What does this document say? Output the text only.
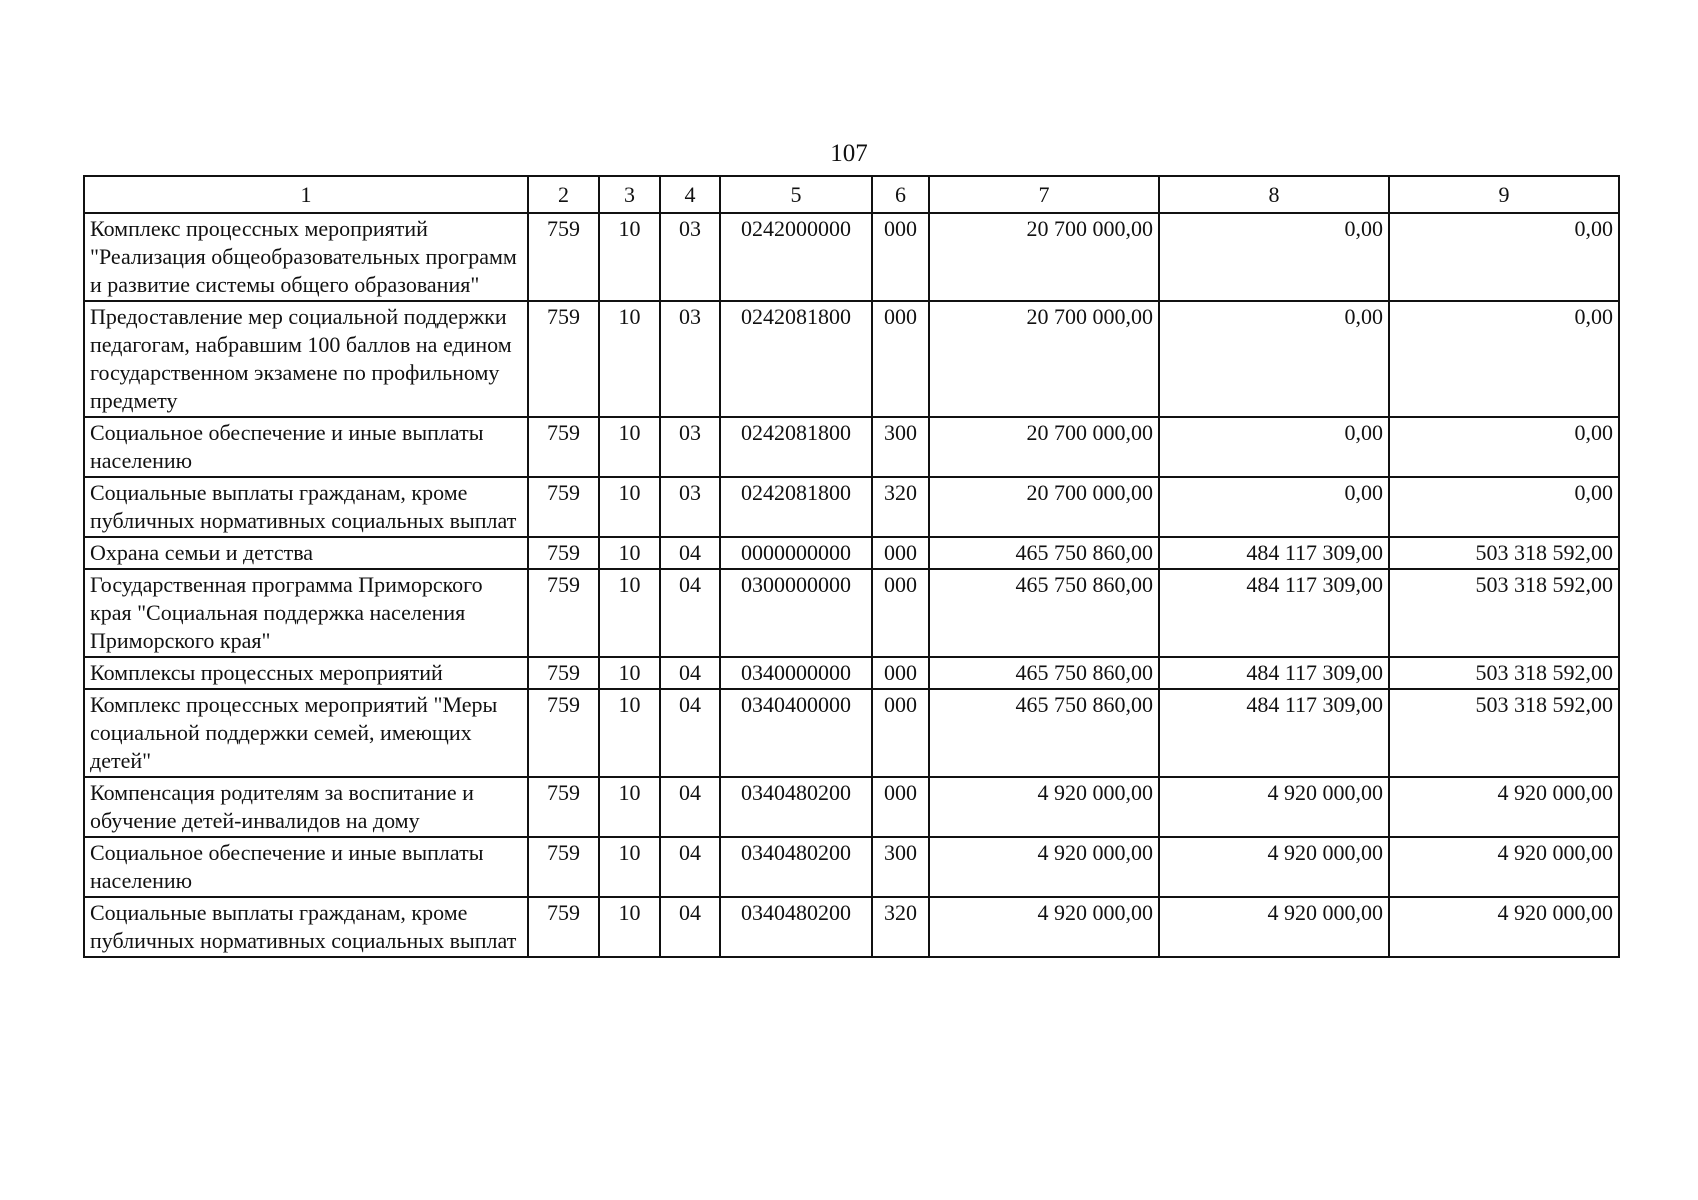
107
1	2	3	4	5	6	7	8	9
Комплекс процессных мероприятий "Реализация общеобразовательных программ и развитие системы общего образования"	759	10	03	0242000000	000	20 700 000,00	0,00	0,00
Предоставление мер социальной поддержки педагогам, набравшим 100 баллов на едином государственном экзамене по профильному предмету	759	10	03	0242081800	000	20 700 000,00	0,00	0,00
Социальное обеспечение и иные выплаты населению	759	10	03	0242081800	300	20 700 000,00	0,00	0,00
Социальные выплаты гражданам, кроме публичных нормативных социальных выплат	759	10	03	0242081800	320	20 700 000,00	0,00	0,00
Охрана семьи и детства	759	10	04	0000000000	000	465 750 860,00	484 117 309,00	503 318 592,00
Государственная программа Приморского края "Социальная поддержка населения Приморского края"	759	10	04	0300000000	000	465 750 860,00	484 117 309,00	503 318 592,00
Комплексы процессных мероприятий	759	10	04	0340000000	000	465 750 860,00	484 117 309,00	503 318 592,00
Комплекс процессных мероприятий "Меры социальной поддержки семей, имеющих детей"	759	10	04	0340400000	000	465 750 860,00	484 117 309,00	503 318 592,00
Компенсация родителям за воспитание и обучение детей-инвалидов на дому	759	10	04	0340480200	000	4 920 000,00	4 920 000,00	4 920 000,00
Социальное обеспечение и иные выплаты населению	759	10	04	0340480200	300	4 920 000,00	4 920 000,00	4 920 000,00
Социальные выплаты гражданам, кроме публичных нормативных социальных выплат	759	10	04	0340480200	320	4 920 000,00	4 920 000,00	4 920 000,00
